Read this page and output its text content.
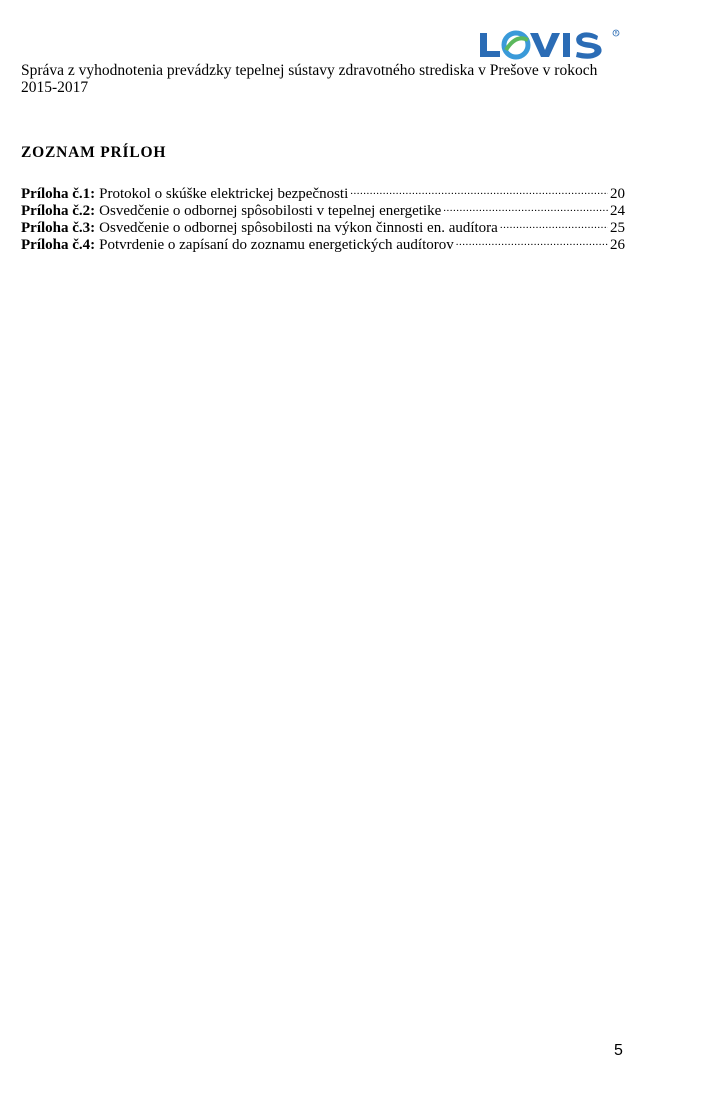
R
Správa z vyhodnotenia prevádzky tepelnej sústavy zdravotného strediska v Prešove v rokoch
2015-2017
ZOZNAM PRÍLOH
Príloha č.1: Protokol o skúške elektrickej bezpečnosti .....	20
Príloha č.2: Osvedčenie o odbornej spôsobilosti v tepelnej energetike .....	24
Príloha č.3: Osvedčenie o odbornej spôsobilosti na výkon činnosti en. audítora .....	25
Príloha č.4: Potvrdenie o zapísaní do zoznamu energetických audítorov .....	26
5
